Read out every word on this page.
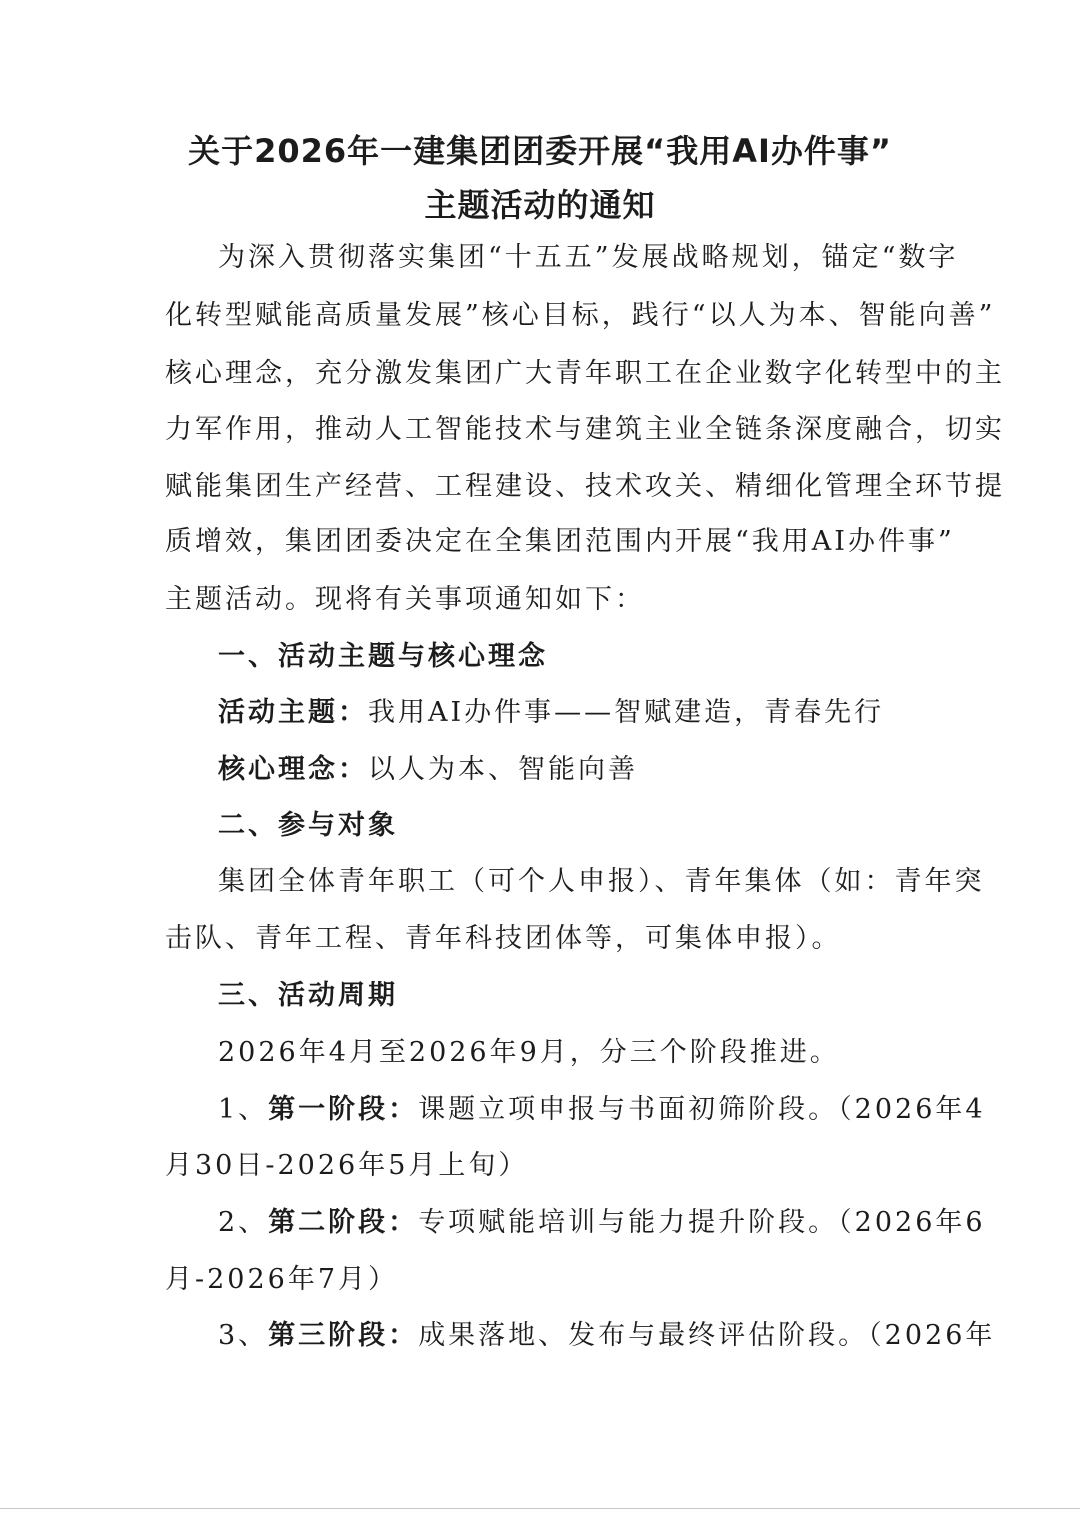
关于2026年一建集团团委开展“我用AI办件事”
主题活动的通知
为深入贯彻落实集团“十五五”发展战略规划，锚定“数字
化转型赋能高质量发展”核心目标，践行“以人为本、智能向善”
核心理念，充分激发集团广大青年职工在企业数字化转型中的主
力军作用，推动人工智能技术与建筑主业全链条深度融合，切实
赋能集团生产经营、工程建设、技术攻关、精细化管理全环节提
质增效，集团团委决定在全集团范围内开展“我用AI办件事”
主题活动。现将有关事项通知如下：
一、活动主题与核心理念
活动主题：我用AI办件事——智赋建造，青春先行
核心理念：以人为本、智能向善
二、参与对象
集团全体青年职工（可个人申报）、青年集体（如：青年突
击队、青年工程、青年科技团体等，可集体申报）。
三、活动周期
2026年4月至2026年9月，分三个阶段推进。
1、第一阶段：课题立项申报与书面初筛阶段。（2026年4
月30日-2026年5月上旬）
2、第二阶段：专项赋能培训与能力提升阶段。（2026年6
月-2026年7月）
3、第三阶段：成果落地、发布与最终评估阶段。（2026年
